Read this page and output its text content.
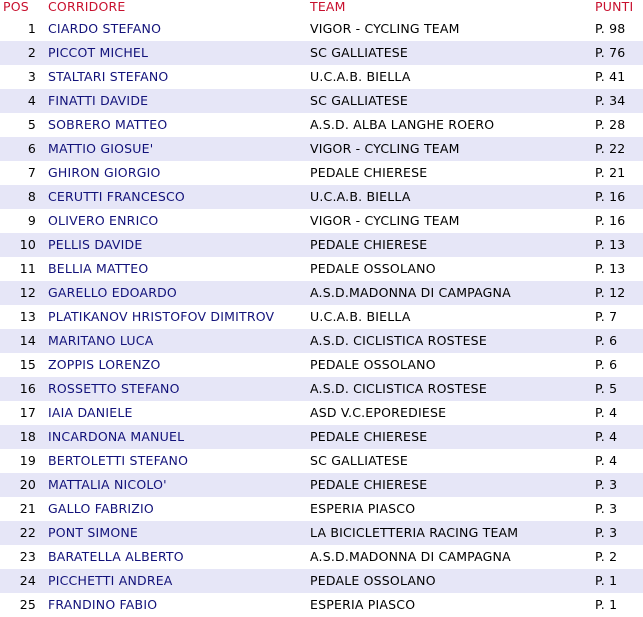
POS	CORRIDORE	TEAM	PUNTI
1 CIARDO STEFANO	VIGOR - CYCLING TEAM	P. 98
2 PICCOT MICHEL	SC GALLIATESE	P. 76
3 STALTARI STEFANO	U.C.A.B. BIELLA	P. 41
4 FINATTI DAVIDE	SC GALLIATESE	P. 34
5 SOBRERO MATTEO	A.S.D. ALBA LANGHE ROERO	P. 28
6 MATTIO GIOSUE'	VIGOR - CYCLING TEAM	P. 22
7 GHIRON GIORGIO	PEDALE CHIERESE	P. 21
8 CERUTTI FRANCESCO	U.C.A.B. BIELLA	P. 16
9 OLIVERO ENRICO	VIGOR - CYCLING TEAM	P. 16
10 PELLIS DAVIDE	PEDALE CHIERESE	P. 13
11 BELLIA MATTEO	PEDALE OSSOLANO	P. 13
12 GARELLO EDOARDO	A.S.D.MADONNA DI CAMPAGNA	P. 12
13 PLATIKANOV HRISTOFOV DIMITROV	U.C.A.B. BIELLA	P. 7
14 MARITANO LUCA	A.S.D. CICLISTICA ROSTESE	P. 6
15 ZOPPIS LORENZO	PEDALE OSSOLANO	P. 6
16 ROSSETTO STEFANO	A.S.D. CICLISTICA ROSTESE	P. 5
17 IAIA DANIELE	ASD V.C.EPOREDIESE	P. 4
18 INCARDONA MANUEL	PEDALE CHIERESE	P. 4
19 BERTOLETTI STEFANO	SC GALLIATESE	P. 4
20 MATTALIA NICOLO'	PEDALE CHIERESE	P. 3
21 GALLO FABRIZIO	ESPERIA PIASCO	P. 3
22 PONT SIMONE	LA BICICLETTERIA RACING TEAM	P. 3
23 BARATELLA ALBERTO	A.S.D.MADONNA DI CAMPAGNA	P. 2
24 PICCHETTI ANDREA	PEDALE OSSOLANO	P. 1
25 FRANDINO FABIO	ESPERIA PIASCO	P. 1
